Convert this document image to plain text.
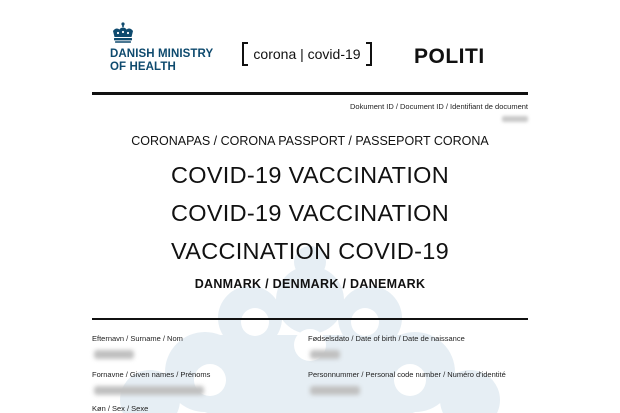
DANISH MINISTRY
OF HEALTH
corona | covid-19	POLITI
Dokument ID / Document ID / Identifiant de document
CORONAPAS / CORONA PASSPORT / PASSEPORT CORONA
COVID-19 VACCINATION
COVID-19 VACCINATION
VACCINATION COVID-19
DANMARK / DENMARK / DANEMARK
Efternavn / Surname / Nom	Fødselsdato / Date of birth / Date de naissance
Fornavne / Given names / Prénoms	Personnummer / Personal code number / Numéro d'identité
Køn / Sex / Sexe
